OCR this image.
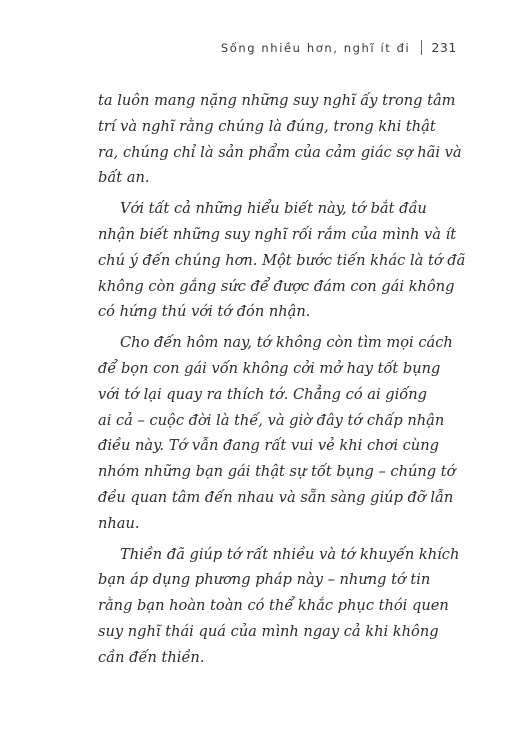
Sống nhiều hơn, nghĩ ít đi 231
ta luôn mang nặng những suy nghĩ ấy trong tâm
trí và nghĩ rằng chúng là đúng, trong khi thật
ra, chúng chỉ là sản phẩm của cảm giác sợ hãi và
bất an.
Với tất cả những hiểu biết này, tớ bắt đầu
nhận biết những suy nghĩ rối rắm của mình và ít
chú ý đến chúng hơn. Một bước tiến khác là tớ đã
không còn gắng sức để được đám con gái không
có hứng thú với tớ đón nhận.
Cho đến hôm nay, tớ không còn tìm mọi cách
để bọn con gái vốn không cởi mở hay tốt bụng
với tớ lại quay ra thích tớ. Chẳng có ai giống
ai cả – cuộc đời là thế, và giờ đây tớ chấp nhận
điều này. Tớ vẫn đang rất vui vẻ khi chơi cùng
nhóm những bạn gái thật sự tốt bụng – chúng tớ
đều quan tâm đến nhau và sẵn sàng giúp đỡ lẫn
nhau.
Thiền đã giúp tớ rất nhiều và tớ khuyến khích
bạn áp dụng phương pháp này – nhưng tớ tin
rằng bạn hoàn toàn có thể khắc phục thói quen
suy nghĩ thái quá của mình ngay cả khi không
cần đến thiền.
